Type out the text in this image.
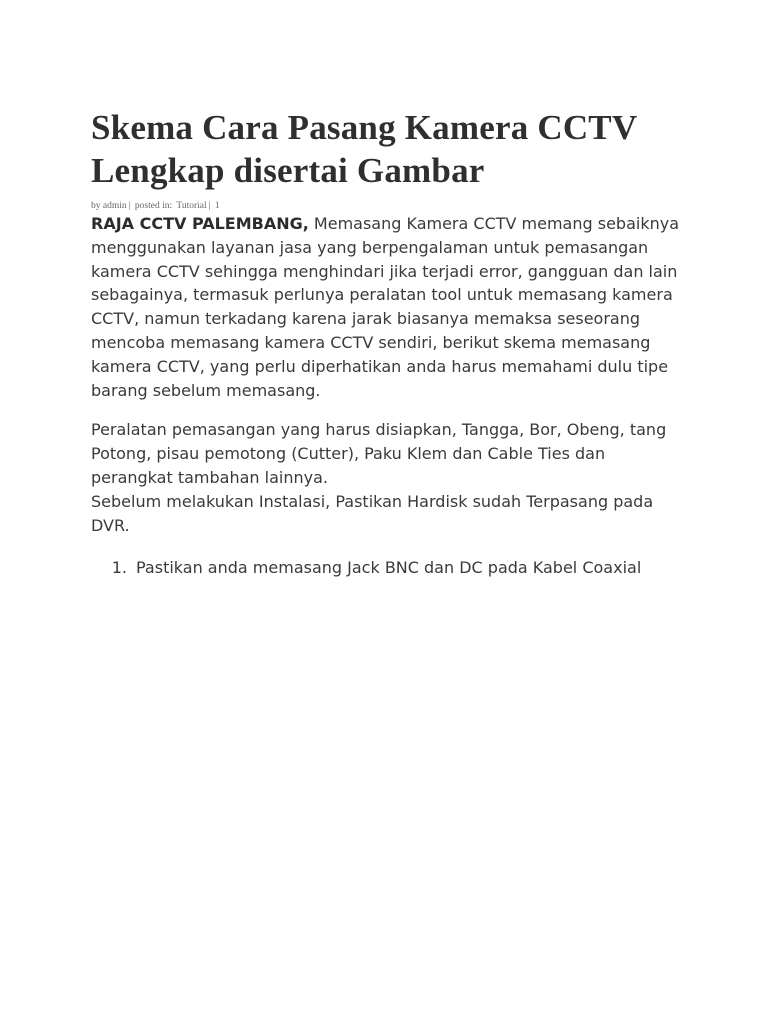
Skema Cara Pasang Kamera CCTV Lengkap disertai Gambar
by admin | posted in: Tutorial | 1

RAJA CCTV PALEMBANG, Memasang Kamera CCTV memang sebaiknya menggunakan layanan jasa yang berpengalaman untuk pemasangan kamera CCTV sehingga menghindari jika terjadi error, gangguan dan lain sebagainya, termasuk perlunya peralatan tool untuk memasang kamera CCTV, namun terkadang karena jarak biasanya memaksa seseorang mencoba memasang kamera CCTV sendiri, berikut skema memasang kamera CCTV, yang perlu diperhatikan anda harus memahami dulu tipe barang sebelum memasang.

Peralatan pemasangan yang harus disiapkan, Tangga, Bor, Obeng, tang Potong, pisau pemotong (Cutter), Paku Klem dan Cable Ties dan perangkat tambahan lainnya.
Sebelum melakukan Instalasi, Pastikan Hardisk sudah Terpasang pada DVR.

1. Pastikan anda memasang Jack BNC dan DC pada Kabel Coaxial
